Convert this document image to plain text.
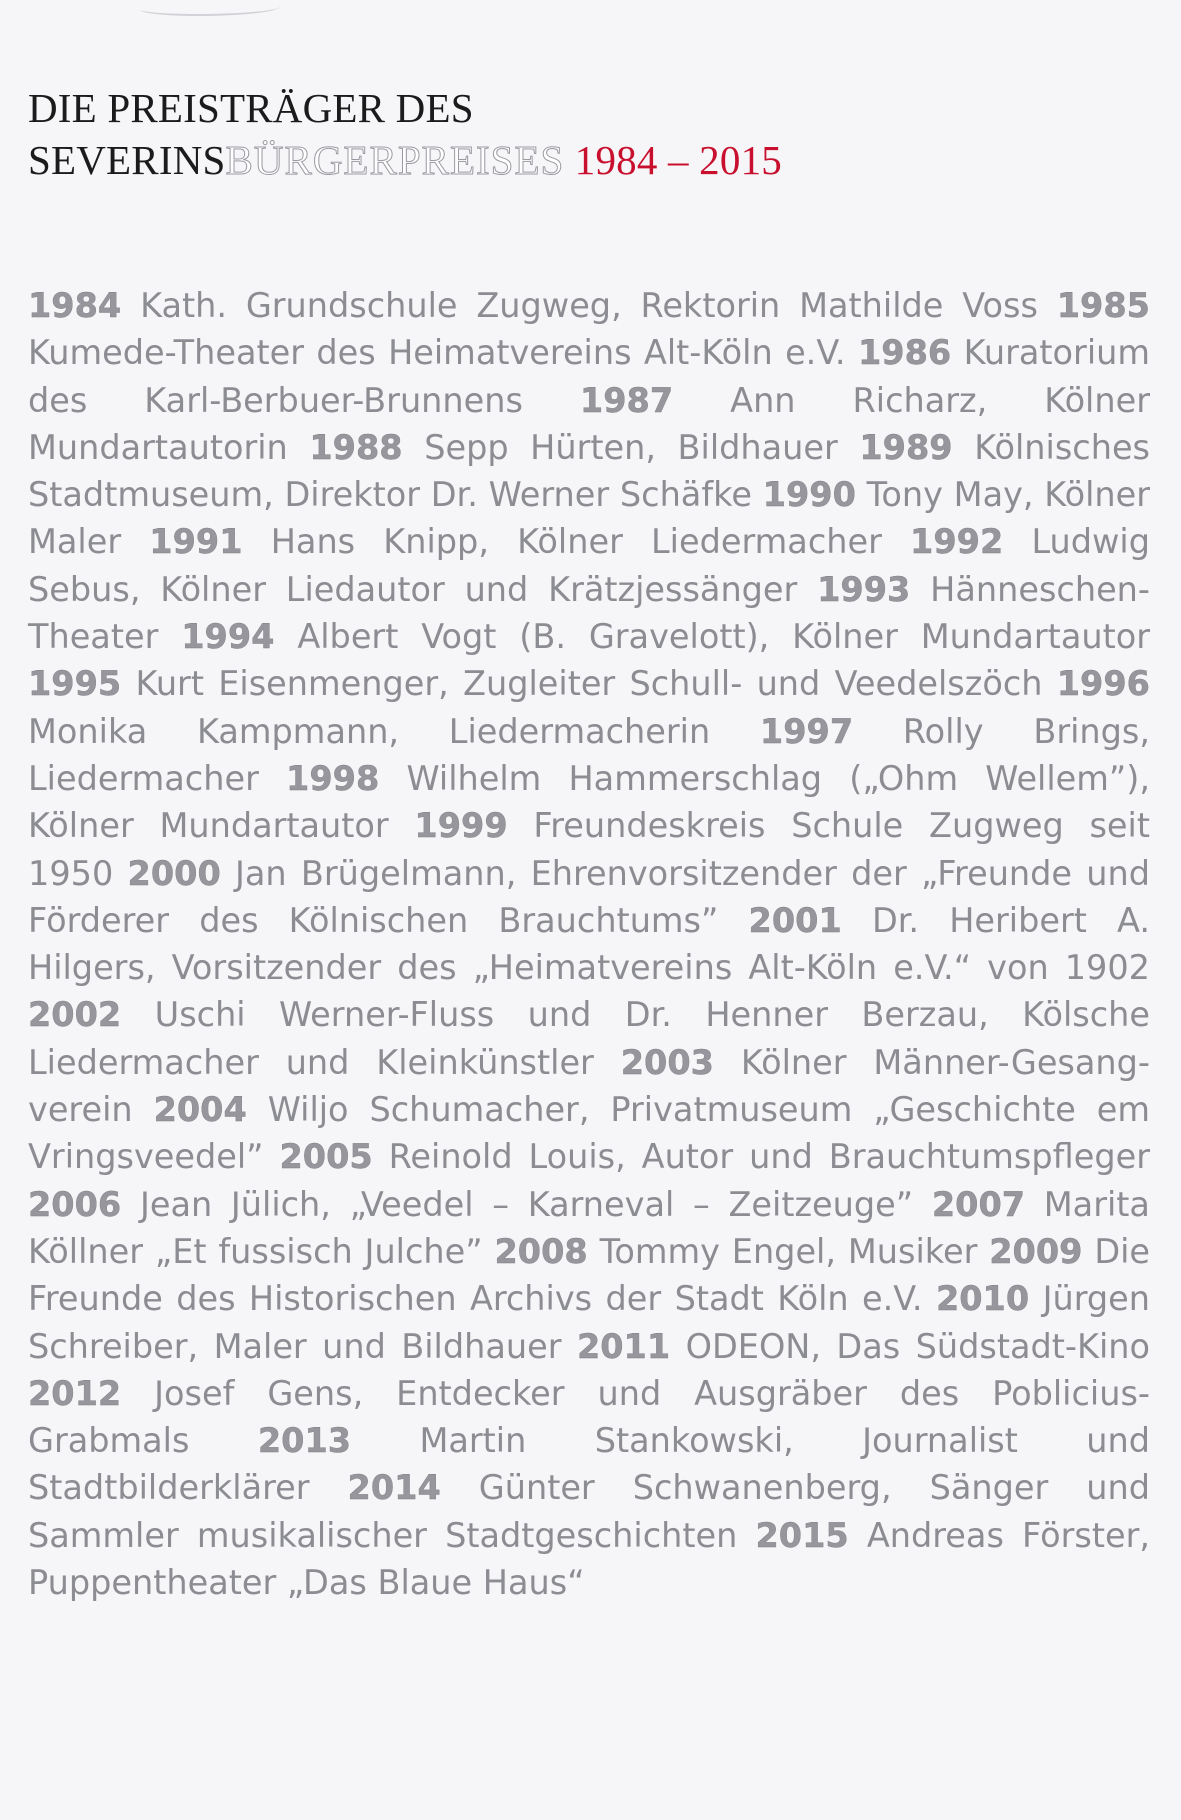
DIE PREISTRÄGER DES
SEVERINSBÜRGERPREISES 1984 – 2015
1984 Kath. Grundschule Zugweg, Rektorin Mathilde Voss 1985 Kumede-Theater des Heimatvereins Alt-Köln e.V. 1986 Kuratorium des Karl-Berbuer-Brunnens 1987 Ann Richarz, Kölner Mundartautorin 1988 Sepp Hürten, Bildhauer 1989 Kölnisches Stadtmuseum, Direktor Dr. Werner Schäfke 1990 Tony May, Kölner Maler 1991 Hans Knipp, Kölner Liedermacher 1992 Ludwig Sebus, Kölner Liedautor und Krätzjessänger 1993 Hänneschen-Theater 1994 Albert Vogt (B. Gravelott), Kölner Mundartautor 1995 Kurt Eisenmenger, Zugleiter Schull- und Veedelszöch 1996 Monika Kampmann, Liedermacherin 1997 Rolly Brings, Liedermacher 1998 Wilhelm Hammerschlag („Ohm Wellem”), Kölner Mundartautor 1999 Freundeskreis Schule Zugweg seit 1950 2000 Jan Brügelmann, Ehrenvorsitzender der „Freunde und Förderer des Kölnischen Brauchtums” 2001 Dr. Heribert A. Hilgers, Vorsitzender des „Heimatvereins Alt-Köln e.V.“ von 1902 2002 Uschi Werner-Fluss und Dr. Henner Berzau, Kölsche Liedermacher und Kleinkünstler 2003 Kölner Männer-Gesangverein 2004 Wiljo Schumacher, Privatmuseum „Geschichte em Vringsveedel” 2005 Reinold Louis, Autor und Brauchtumspfleger 2006 Jean Jülich, „Veedel – Karneval – Zeitzeuge” 2007 Marita Köllner „Et fussisch Julche” 2008 Tommy Engel, Musiker 2009 Die Freunde des Historischen Archivs der Stadt Köln e.V. 2010 Jürgen Schreiber, Maler und Bildhauer 2011 ODEON, Das Südstadt-Kino 2012 Josef Gens, Entdecker und Ausgräber des Poblicius-Grabmals 2013 Martin Stankowski, Journalist und Stadtbilderklärer 2014 Günter Schwanenberg, Sänger und Sammler musikalischer Stadtgeschichten 2015 Andreas Förster, Puppentheater „Das Blaue Haus“
